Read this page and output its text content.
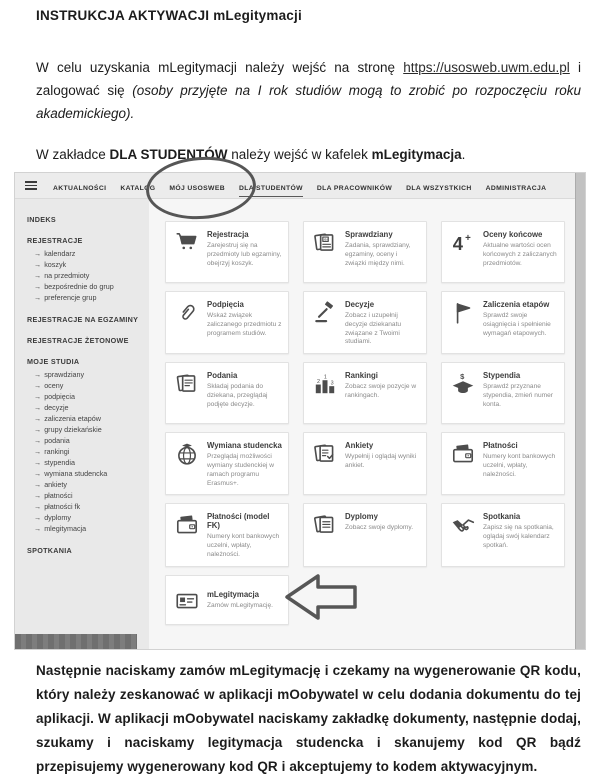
INSTRUKCJA AKTYWACJI mLegitymacji

W celu uzyskania mLegitymacji należy wejść na stronę https://usosweb.uwm.edu.pl i zalogować się (osoby przyjęte na I rok studiów mogą to zrobić po rozpoczęciu roku akademickiego).

W zakładce DLA STUDENTÓW należy wejść w kafelek mLegitymacja.

AKTUALNOŚCI KATALOG MÓJ USOSWEB DLA STUDENTÓW DLA PRACOWNIKÓW DLA WSZYSTKICH ADMINISTRACJA
INDEKS
REJESTRACJE
→ kalendarz
→ koszyk
→ na przedmioty
→ bezpośrednie do grup
→ preferencje grup
REJESTRACJE NA EGZAMINY
REJESTRACJE ŻETONOWE
MOJE STUDIA
→ sprawdziany
→ oceny
→ podpięcia
→ decyzje
→ zaliczenia etapów
→ grupy dziekańskie
→ podania
→ rankingi
→ stypendia
→ wymiana studencka
→ ankiety
→ płatności
→ płatności fk
→ dyplomy
→ mlegitymacja
SPOTKANIA
Rejestracja
Zarejestruj się na przedmioty lub egzaminy, obejrzyj koszyk.
4+
Sprawdziany
Zadania, sprawdziany, egzaminy, oceny i związki między nimi.
4 + Oceny końcowe
Aktualne wartości ocen końcowych z zaliczanych przedmiotów.
Podpięcia
Wskaż związek zaliczanego przedmiotu z programem studiów.
Decyzje
Zobacz i uzupełnij decyzje dziekanatu związane z Twoimi studiami.
Zaliczenia etapów
Sprawdź swoje osiągnięcia i spełnienie wymagań etapowych.
Podania
Składaj podania do dziekana, przeglądaj podjęte decyzje.
2
1
3
Rankingi
Zobacz swoje pozycje w rankingach.
$ Stypendia
Sprawdź przyznane stypendia, zmień numer konta.
Wymiana studencka
Przeglądaj możliwości wymiany studenckiej w ramach programu Erasmus+.
Ankiety
Wypełnij i oglądaj wyniki ankiet.
Płatności
Numery kont bankowych uczelni, wpłaty, należności.
Płatności (model FK)
Numery kont bankowych uczelni, wpłaty, należności.
Dyplomy
Zobacz swoje dyplomy.
Spotkania
Zapisz się na spotkania, oglądaj swój kalendarz spotkań.
mLegitymacja
Zamów mLegitymację.

Następnie naciskamy zamów mLegitymację i czekamy na wygenerowanie QR kodu, który należy zeskanować w aplikacji mOobywatel w celu dodania dokumentu do tej aplikacji. W aplikacji mOobywatel naciskamy zakładkę dokumenty, następnie dodaj, szukamy i naciskamy legitymacja studencka i skanujemy kod QR bądź przepisujemy wygenerowany kod QR i akceptujemy to kodem aktywacyjnym.
